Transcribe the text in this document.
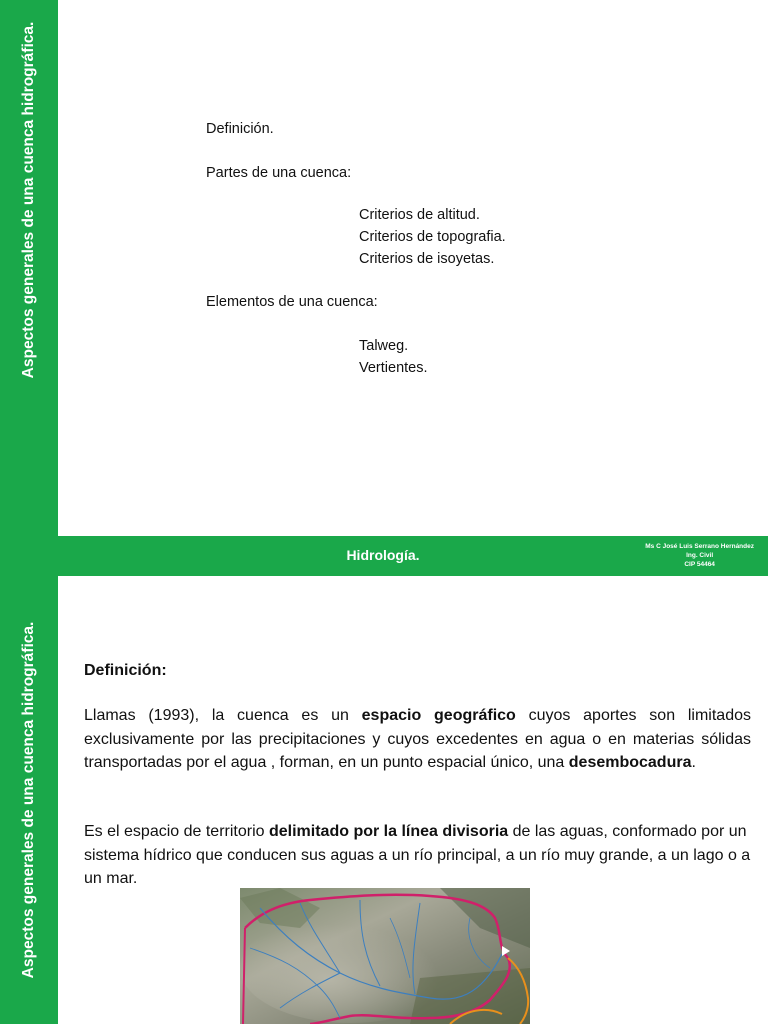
Aspectos generales de una cuenca hidrográfica.	Definición.
Partes de una cuenca:
Criterios de altitud.
Criterios de topografia.
Criterios de isoyetas.
Elementos de una cuenca:
Talweg.
Vertientes.
Hidrología.
Ms C José Luis Serrano Hernández
Ing. Civil
CIP 54464
Aspectos generales de una cuenca hidrográfica.	Definición:
Llamas (1993), la cuenca es un espacio geográfico cuyos aportes son limitados exclusivamente por las precipitaciones y cuyos excedentes en agua o en materias sólidas transportadas por el agua , forman, en un punto espacial único, una desembocadura.
Es el espacio de territorio delimitado por la línea divisoria de las aguas, conformado por un sistema hídrico que conducen sus aguas a un río principal, a un río muy grande, a un lago o a un mar.
